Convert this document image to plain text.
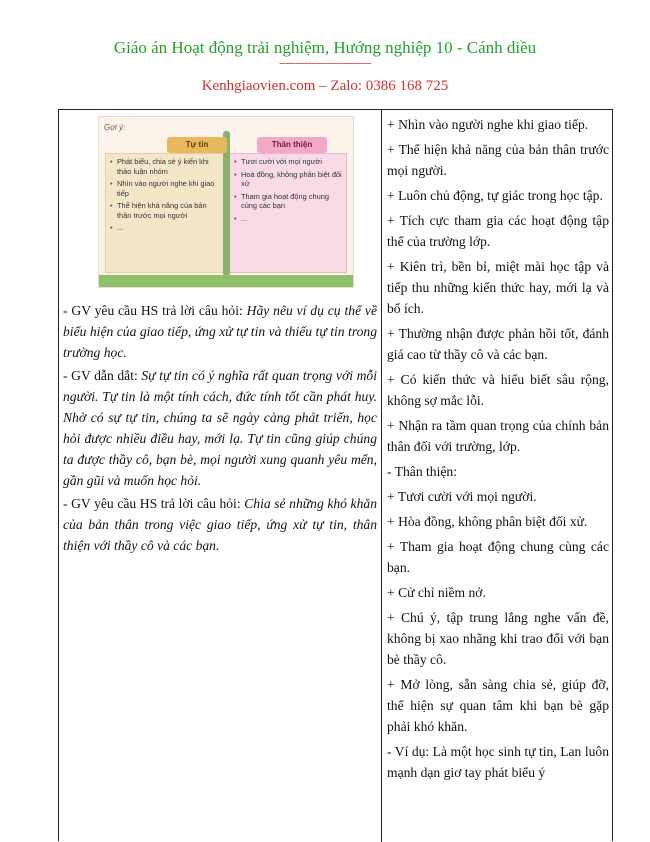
Giáo án Hoạt động trải nghiệm, Hướng nghiệp 10 - Cánh diều
-----------------------------
Kenhgiaovien.com – Zalo: 0386 168 725
Gợi ý:
• Phát biểu, chia sẻ ý kiến khi thảo luận nhóm
• Nhìn vào người nghe khi giao tiếp
• Thể hiện khả năng của bản thân trước mọi người
• ...
• Tươi cười với mọi người
• Hoà đồng, không phân biệt đối xử
• Tham gia hoạt động chung cùng các bạn
• ...
Tự tin	Thân thiện

- GV yêu cầu HS trả lời câu hỏi: Hãy nêu ví dụ cụ thể về biểu hiện của giao tiếp, ứng xử tự tin và thiếu tự tin trong trường học.

- GV dẫn dắt: Sự tự tin có ý nghĩa rất quan trọng với mỗi người. Tự tin là một tính cách, đức tính tốt cần phát huy. Nhờ có sự tự tin, chúng ta sẽ ngày càng phát triển, học hỏi được nhiều điều hay, mới lạ. Tự tin cũng giúp chúng ta được thầy cô, bạn bè, mọi người xung quanh yêu mến, gần gũi và muốn học hỏi.

- GV yêu cầu HS trả lời câu hỏi: Chia sẻ những khó khăn của bản thân trong việc giao tiếp, ứng xử tự tin, thân thiện với thầy cô và các bạn.

+ Nhìn vào người nghe khi giao tiếp.

+ Thể hiện khả năng của bản thân trước mọi người.

+ Luôn chủ động, tự giác trong học tập.

+ Tích cực tham gia các hoạt động tập thể của trường lớp.

+ Kiên trì, bền bỉ, miệt mài học tập và tiếp thu những kiến thức hay, mới lạ và bổ ích.

+ Thường nhận được phản hồi tốt, đánh giá cao từ thầy cô và các bạn.

+ Có kiến thức và hiểu biết sâu rộng, không sợ mắc lỗi.

+ Nhận ra tầm quan trọng của chính bản thân đối với trường, lớp.

- Thân thiện:

+ Tươi cười với mọi người.

+ Hòa đồng, không phân biệt đối xử.

+ Tham gia hoạt động chung cùng các bạn.

+ Cử chỉ niềm nở.

+ Chú ý, tập trung lắng nghe vấn đề, không bị xao nhãng khi trao đổi với bạn bè thầy cô.

+ Mở lòng, sẵn sàng chia sẻ, giúp đỡ, thể hiện sự quan tâm khi bạn bè gặp phải khó khăn.

- Ví dụ: Là một học sinh tự tin, Lan luôn mạnh dạn giơ tay phát biểu ý
